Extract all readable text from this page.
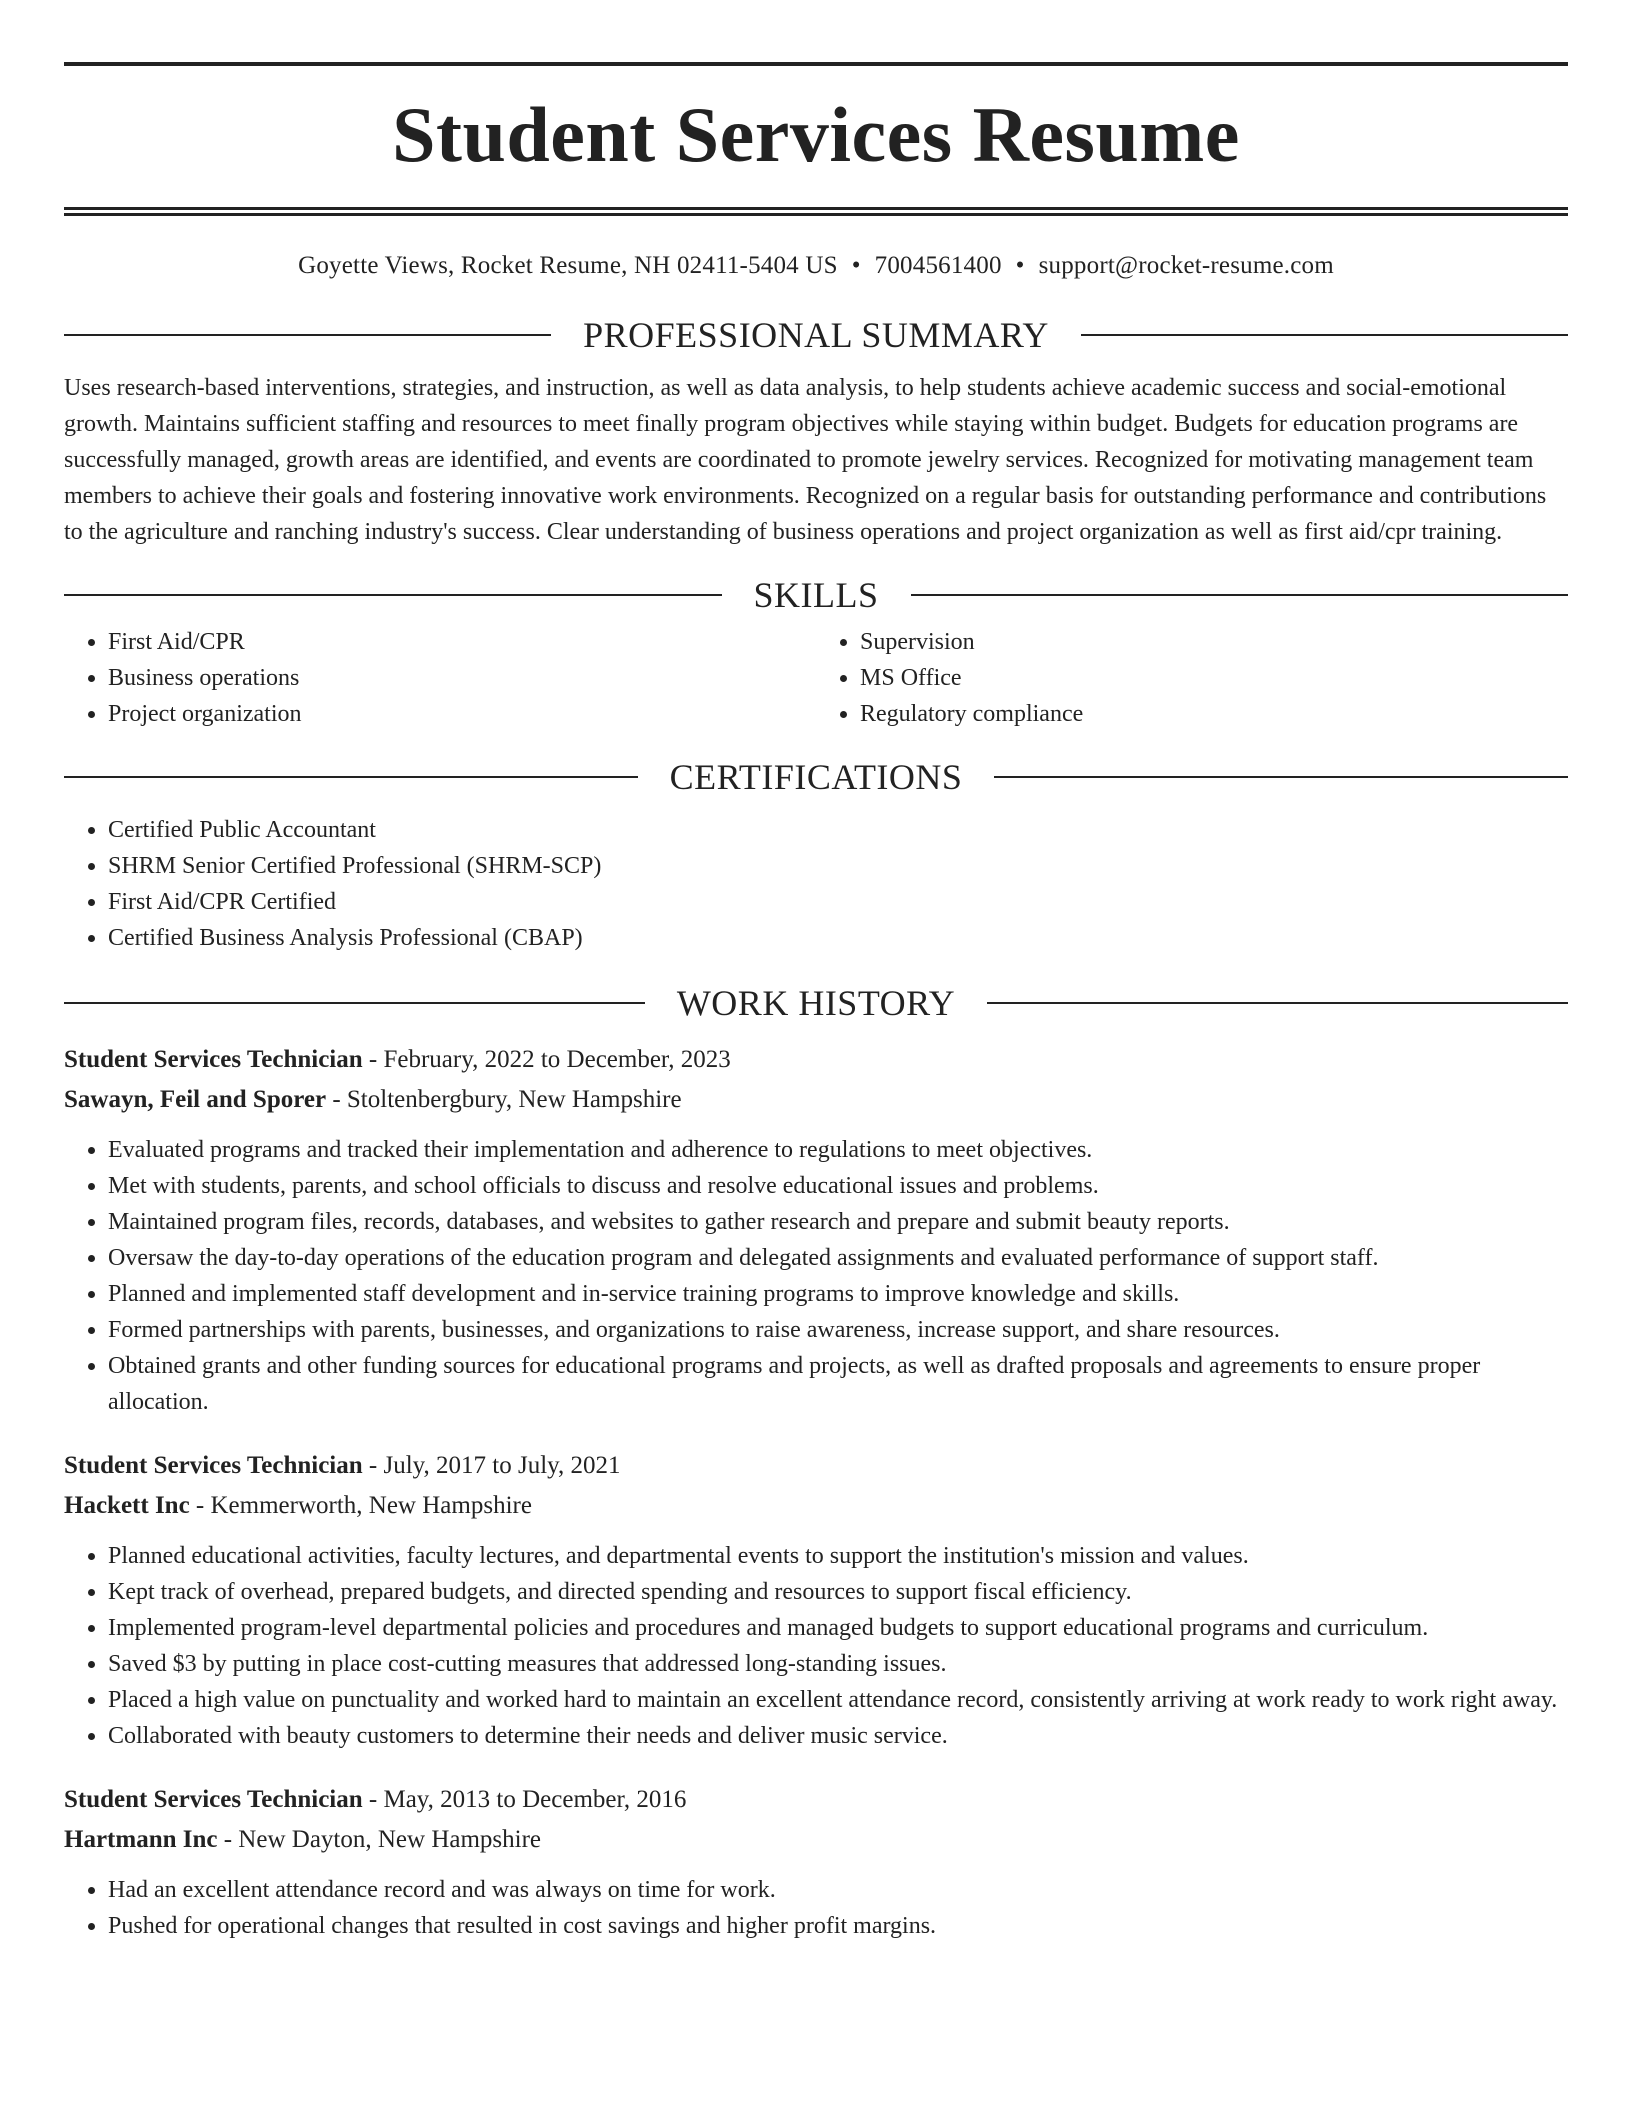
Student Services Resume
Goyette Views, Rocket Resume, NH 02411-5404 US • 7004561400 • support@rocket-resume.com
PROFESSIONAL SUMMARY

Uses research-based interventions, strategies, and instruction, as well as data analysis, to help students achieve academic success and social-emotional growth. Maintains sufficient staffing and resources to meet finally program objectives while staying within budget. Budgets for education programs are successfully managed, growth areas are identified, and events are coordinated to promote jewelry services. Recognized for motivating management team members to achieve their goals and fostering innovative work environments. Recognized on a regular basis for outstanding performance and contributions to the agriculture and ranching industry's success. Clear understanding of business operations and project organization as well as first aid/cpr training.

SKILLS
• First Aid/CPR
• Business operations
• Project organization
• Supervision
• MS Office
• Regulatory compliance
CERTIFICATIONS
• Certified Public Accountant
• SHRM Senior Certified Professional (SHRM-SCP)
• First Aid/CPR Certified
• Certified Business Analysis Professional (CBAP)
WORK HISTORY
Student Services Technician - February, 2022 to December, 2023
Sawayn, Feil and Sporer - Stoltenbergbury, New Hampshire
• Evaluated programs and tracked their implementation and adherence to regulations to meet objectives.
• Met with students, parents, and school officials to discuss and resolve educational issues and problems.
• Maintained program files, records, databases, and websites to gather research and prepare and submit beauty reports.
• Oversaw the day-to-day operations of the education program and delegated assignments and evaluated performance of support staff.
• Planned and implemented staff development and in-service training programs to improve knowledge and skills.
• Formed partnerships with parents, businesses, and organizations to raise awareness, increase support, and share resources.
• Obtained grants and other funding sources for educational programs and projects, as well as drafted proposals and agreements to ensure proper allocation.
Student Services Technician - July, 2017 to July, 2021
Hackett Inc - Kemmerworth, New Hampshire
• Planned educational activities, faculty lectures, and departmental events to support the institution's mission and values.
• Kept track of overhead, prepared budgets, and directed spending and resources to support fiscal efficiency.
• Implemented program-level departmental policies and procedures and managed budgets to support educational programs and curriculum.
• Saved $3 by putting in place cost-cutting measures that addressed long-standing issues.
• Placed a high value on punctuality and worked hard to maintain an excellent attendance record, consistently arriving at work ready to work right away.
• Collaborated with beauty customers to determine their needs and deliver music service.
Student Services Technician - May, 2013 to December, 2016
Hartmann Inc - New Dayton, New Hampshire
• Had an excellent attendance record and was always on time for work.
• Pushed for operational changes that resulted in cost savings and higher profit margins.
